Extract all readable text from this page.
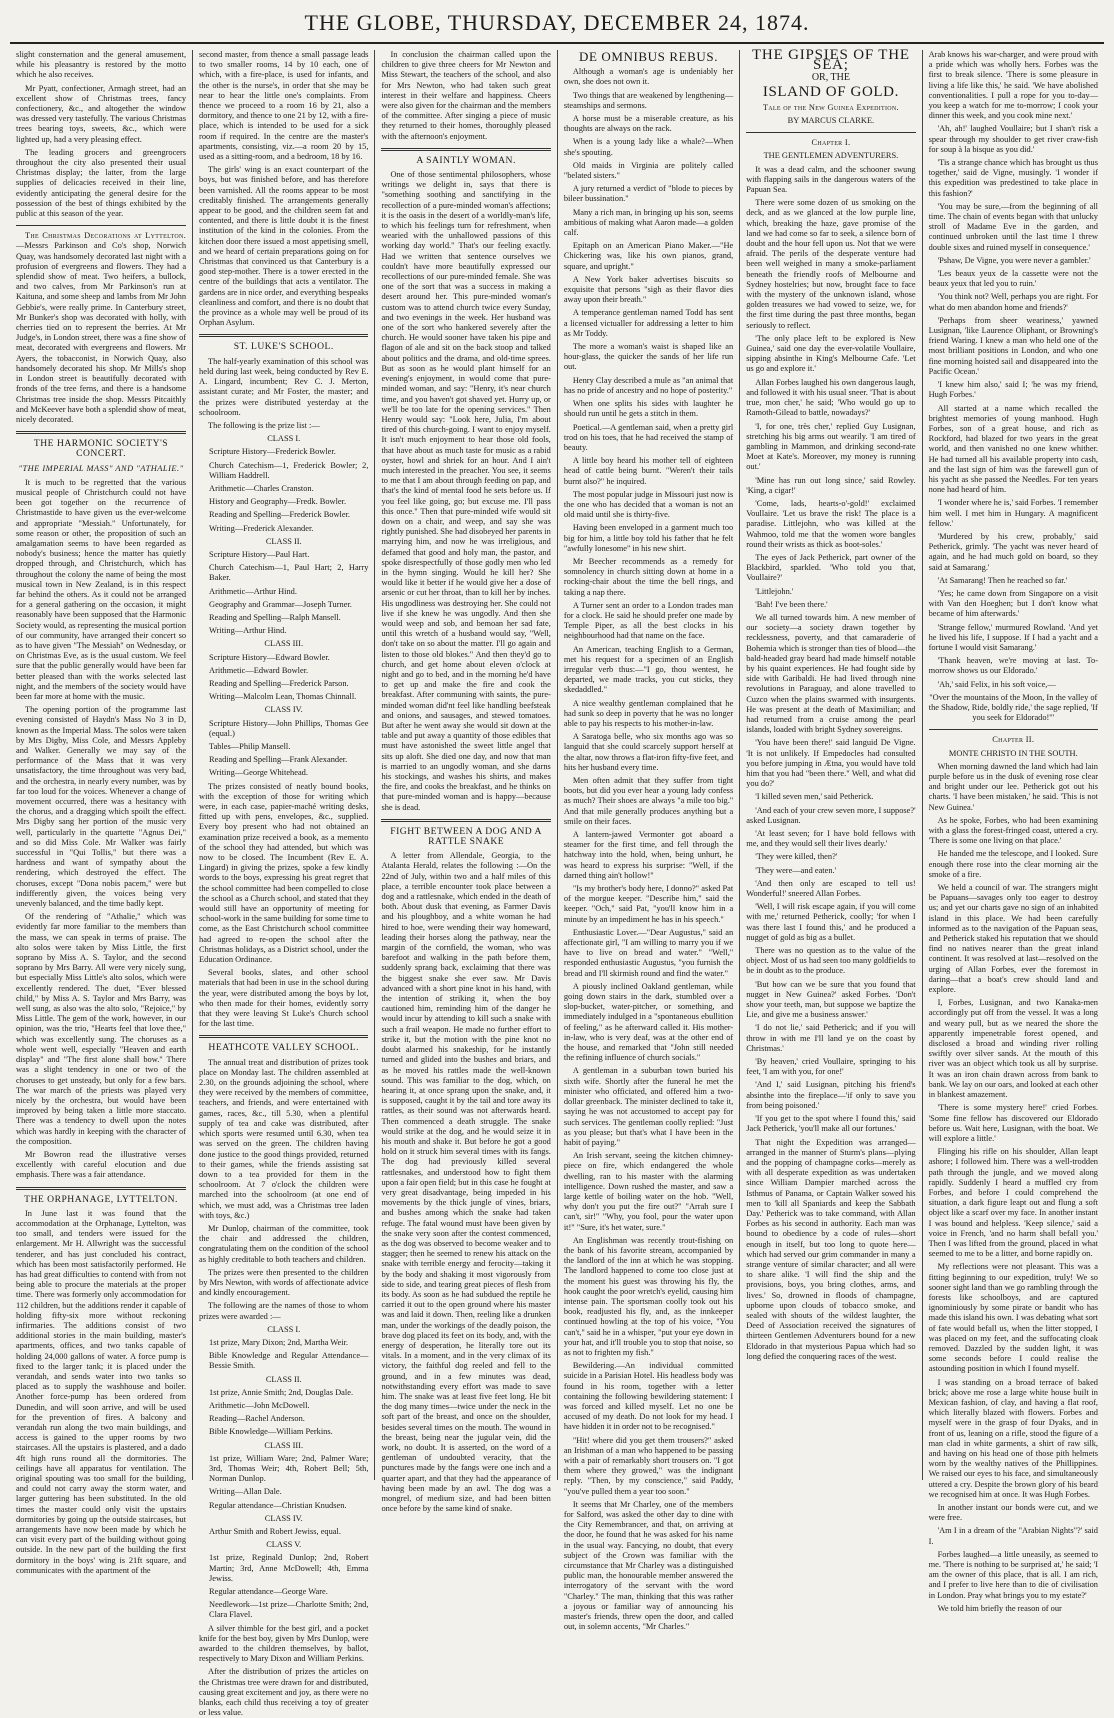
THE GLOBE, THURSDAY, DECEMBER 24, 1874.

slight consternation and the general amusement, while his pleasantry is restored by the motto which he also receives.

Mr Pyatt, confectioner, Armagh street, had an excellent show of Christmas trees, fancy confectionery, &c., and altogether the window was dressed very tastefully. The various Christmas trees bearing toys, sweets, &c., which were lighted up, had a very pleasing effect.

The leading grocers and greengrocers throughout the city also presented their usual Christmas display; the latter, from the large supplies of delicacies received in their line, evidently anticipating the general desire for the possession of the best of things exhibited by the public at this season of the year.

The Christmas Decorations at Lyttelton. —Messrs Parkinson and Co's shop, Norwich Quay, was handsomely decorated last night with a profusion of evergreens and flowers. They had a splendid show of meat. Two heifers, a bullock, and two calves, from Mr Parkinson's run at Kaituna, and some sheep and lambs from Mr John Gebbie's, were really prime. In Canterbury street, Mr Bunker's shop was decorated with holly, with cherries tied on to represent the berries. At Mr Judge's, in London street, there was a fine show of meat, decorated with evergreens and flowers. Mr Ayers, the tobacconist, in Norwich Quay, also handsomely decorated his shop. Mr Mills's shop in London street is beautifully decorated with fronds of the tree ferns, and there is a handsome Christmas tree inside the shop. Messrs Pitcaithly and McKeever have both a splendid show of meat, nicely decorated.

THE HARMONIC SOCIETY'S CONCERT.
"THE IMPERIAL MASS" AND "ATHALIE."

It is much to be regretted that the various musical people of Christchurch could not have been got together on the recurrence of Christmastide to have given us the ever-welcome and appropriate "Messiah." Unfortunately, for some reason or other, the proposition of such an amalgamation seems to have been regarded as nobody's business; hence the matter has quietly dropped through, and Christchurch, which has throughout the colony the name of being the most musical town in New Zealand, is in this respect far behind the others. As it could not be arranged for a general gathering on the occasion, it might reasonably have been supposed that the Harmonic Society would, as representing the musical portion of our community, have arranged their concert so as to have given "The Messiah" on Wednesday, or on Christmas Eve, as is the usual custom. We feel sure that the public generally would have been far better pleased than with the works selected last night, and the members of the society would have been far more at home with the music.

The opening portion of the programme last evening consisted of Haydn's Mass No 3 in D, known as the Imperial Mass. The solos were taken by Mrs Digby, Miss Cole, and Messrs Appleby and Walker. Generally we may say of the performance of the Mass that it was very unsatisfactory, the time throughout was very bad, and the orchestra, in nearly every number, was by far too loud for the voices. Whenever a change of movement occurred, there was a hesitancy with the chorus, and a dragging which spoilt the effect. Mrs Digby sang her portion of the music very well, particularly in the quartette "Agnus Dei," and so did Miss Cole. Mr Walker was fairly successful in "Qui Tollis," but there was a hardness and want of sympathy about the rendering, which destroyed the effect. The choruses, except "Dona nobis pacem," were but indifferently given, the voices being very unevenly balanced, and the time badly kept.

Of the rendering of "Athalie," which was evidently far more familiar to the members than the mass, we can speak in terms of praise. The alto solos were taken by Miss Little, the first soprano by Miss A. S. Taylor, and the second soprano by Mrs Barry. All were very nicely sung, but especially Miss Little's alto solos, which were excellently rendered. The duet, "Ever blessed child," by Miss A. S. Taylor and Mrs Barry, was well sung, as also was the alto solo, "Rejoice," by Miss Little. The gem of the work, however, in our opinion, was the trio, "Hearts feel that love thee," which was excellently sung. The choruses as a whole went well, especially "Heaven and earth display" and "The first alone shall bow." There was a slight tendency in one or two of the choruses to get unsteady, but only for a few bars. The war march of the priests was played very nicely by the orchestra, but would have been improved by being taken a little more staccato. There was a tendency to dwell upon the notes which was hardly in keeping with the character of the composition.

Mr Bowron read the illustrative verses excellently with careful elocution and due emphasis. There was a fair attendance.

THE ORPHANAGE, LYTTELTON.

In June last it was found that the accommodation at the Orphanage, Lyttelton, was too small, and tenders were issued for the enlargement. Mr H. Allwright was the successful tenderer, and has just concluded his contract, which has been most satisfactorily performed. He has had great difficulties to contend with from not being able to procure the materials at the proper time. There was formerly only accommodation for 112 children, but the additions render it capable of holding fifty-six more without reckoning infirmaries. The additions consist of two additional stories in the main building, master's apartments, offices, and two tanks capable of holding 24,000 gallons of water. A force pump is fixed to the larger tank; it is placed under the verandah, and sends water into two tanks so placed as to supply the washhouse and boiler. Another force-pump has been ordered from Dunedin, and will soon arrive, and will be used for the prevention of fires. A balcony and verandah run along the two main buildings, and access is gained to the upper rooms by two staircases. All the upstairs is plastered, and a dado 4ft high runs round all the dormitories. The ceilings have all apparatus for ventilation. The original spouting was too small for the building, and could not carry away the storm water, and larger guttering has been substituted. In the old times the master could only visit the upstairs dormitories by going up the outside staircases, but arrangements have now been made by which he can visit every part of the building without going outside. In the new part of the building the first dormitory in the boys' wing is 21ft square, and communicates with the apartment of the

second master, from thence a small passage leads to two smaller rooms, 14 by 10 each, one of which, with a fire-place, is used for infants, and the other is the nurse's, in order that she may be near to hear the little one's complaints. From thence we proceed to a room 16 by 21, also a dormitory, and thence to one 21 by 12, with a fire-place, which is intended to be used for a sick room if required. In the centre are the master's apartments, consisting, viz.—a room 20 by 15, used as a sitting-room, and a bedroom, 18 by 16.

The girls' wing is an exact counterpart of the boys, but was finished before, and has therefore been varnished. All the rooms appear to be most creditably finished. The arrangements generally appear to be good, and the children seem fat and contented, and there is little doubt it is the finest institution of the kind in the colonies. From the kitchen door there issued a most appetising smell, and we heard of certain preparations going on for Christmas that convinced us that Canterbury is a good step-mother. There is a tower erected in the centre of the buildings that acts a ventilator. The gardens are in nice order, and everything bespeaks cleanliness and comfort, and there is no doubt that the province as a whole may well be proud of its Orphan Asylum.

ST. LUKE'S SCHOOL.

The half-yearly examination of this school was held during last week, being conducted by Rev E. A. Lingard, incumbent; Rev C. J. Merton, assistant curate; and Mr Foster, the master; and the prizes were distributed yesterday at the schoolroom.

The following is the prize list :—

CLASS I.

Scripture History—Frederick Bowler.

Church Catechism—1, Frederick Bowler; 2, William Haddrell.

Arithmetic—Charles Cranston.

History and Geography—Fredk. Bowler.

Reading and Spelling—Frederick Bowler.

Writing—Frederick Alexander.

CLASS II.

Scripture History—Paul Hart.

Church Catechism—1, Paul Hart; 2, Harry Baker.

Arithmetic—Arthur Hind.

Geography and Grammar—Joseph Turner.

Reading and Spelling—Ralph Mansell.

Writing—Arthur Hind.

CLASS III.

Scripture History—Edward Bowler.

Arithmetic—Edward Bowler.

Reading and Spelling—Frederick Parson.

Writing—Malcolm Lean, Thomas Chinnall.

CLASS IV.

Scripture History—John Phillips, Thomas Gee (equal.)

Tables—Philip Mansell.

Reading and Spelling—Frank Alexander.

Writing—George Whitehead.

The prizes consisted of neatly bound books, with the exception of those for writing which were, in each case, papier-maché writing desks, fitted up with pens, envelopes, &c., supplied. Every boy present who had not obtained an examination prize received a book, as a memento of the school they had attended, but which was now to be closed. The Incumbent (Rev E. A. Lingard) in giving the prizes, spoke a few kindly words to the boys, expressing his great regret that the school committee had been compelled to close the school as a Church school, and stated that they would still have an opportunity of meeting for school-work in the same building for some time to come, as the East Christchurch school committee had agreed to re-open the school after the Christmas holidays, as a District school, under the Education Ordinance.

Several books, slates, and other school materials that had been in use in the school during the year, were distributed among the boys by lot, who then made for their homes, evidently sorry that they were leaving St Luke's Church school for the last time.

HEATHCOTE VALLEY SCHOOL.

The annual treat and distribution of prizes took place on Monday last. The children assembled at 2.30, on the grounds adjoining the school, where they were received by the members of committee, teachers, and friends, and were entertained with games, races, &c., till 5.30, when a plentiful supply of tea and cake was distributed, after which sports were resumed until 6.30, when tea was served on the green. The children having done justice to the good things provided, returned to their games, while the friends assisting sat down to a tea provided for them in the schoolroom. At 7 o'clock the children were marched into the schoolroom (at one end of which, we must add, was a Christmas tree laden with toys, &c.)

Mr Dunlop, chairman of the committee, took the chair and addressed the children, congratulating them on the condition of the school as highly creditable to both teachers and children.

The prizes were then presented to the children by Mrs Newton, with words of affectionate advice and kindly encouragement.

The following are the names of those to whom prizes were awarded :—

CLASS I.

1st prize, Mary Dixon; 2nd, Martha Weir.

Bible Knowledge and Regular Attendance—Bessie Smith.

CLASS II.

1st prize, Annie Smith; 2nd, Douglas Dale.

Arithmetic—John McDowell.

Reading—Rachel Anderson.

Bible Knowledge—William Perkins.

CLASS III.

1st prize, William Ware; 2nd, Palmer Ware; 3rd, Thomas Weir; 4th, Robert Bell; 5th, Norman Dunlop.

Writing—Allan Dale.

Regular attendance—Christian Knudsen.

CLASS IV.

Arthur Smith and Robert Jewiss, equal.

CLASS V.

1st prize, Reginald Dunlop; 2nd, Robert Martin; 3rd, Anne McDowell; 4th, Emma Jewiss.

Regular attendance—George Ware.

Needlework—1st prize—Charlotte Smith; 2nd, Clara Flavel.

A silver thimble for the best girl, and a pocket knife for the best boy, given by Mrs Dunlop, were awarded to the children themselves, by ballot, respectively to Mary Dixon and William Perkins.

After the distribution of prizes the articles on the Christmas tree were drawn for and distributed, causing great excitement and joy, as there were no blanks, each child thus receiving a toy of greater or less value.

In conclusion the chairman called upon the children to give three cheers for Mr Newton and Miss Stewart, the teachers of the school, and also for Mrs Newton, who had taken such great interest in their welfare and happiness. Cheers were also given for the chairman and the members of the committee. After singing a piece of music they returned to their homes, thoroughly pleased with the afternoon's enjoyment.

A SAINTLY WOMAN.

One of those sentimental philosophers, whose writings we delight in, says that there is "something soothing and sanctifying in the recollection of a pure-minded woman's affections; it is the oasis in the desert of a worldly-man's life, to which his feelings turn for refreshment, when wearied with the unhallowed passions of this working day world." That's our feeling exactly. Had we written that sentence ourselves we couldn't have more beautifully expressed our recollections of our pure-minded female. She was one of the sort that was a success in making a desert around her. This pure-minded woman's custom was to attend church twice every Sunday, and two evenings in the week. Her husband was one of the sort who hankered severely after the church. He would sooner have taken his pipe and flagon of ale and sit on the back stoop and talked about politics and the drama, and old-time sprees. But as soon as he would plant himself for an evening's enjoyment, in would come that pure-minded woman, and say: "Henry, it's near church time, and you haven't got shaved yet. Hurry up, or we'll be too late for the opening services." Then Henry would say: "Look here, Julia, I'm about tired of this church-going. I want to enjoy myself. It isn't much enjoyment to hear those old fools, that have about as much taste for music as a rabid oyster, howl and shriek for an hour. And I ain't much interested in the preacher. You see, it seems to me that I am about through feeding on pap, and that's the kind of mental food he sets before us. If you feel like going, go; but excuse me. I'll pass this once." Then that pure-minded wife would sit down on a chair, and weep, and say she was rightly punished. She had disobeyed her parents in marrying him, and now he was irreligious, and defamed that good and holy man, the pastor, and spoke disrespectfully of those godly men who led in the hymn singing. Would he kill her? She would like it better if he would give her a dose of arsenic or cut her throat, than to kill her by inches. His ungodliness was destroying her. She could not live if she knew he was ungodly. And then she would weep and sob, and bemoan her sad fate, until this wretch of a husband would say, "Well, don't take on so about the matter. I'll go again and listen to those old blokes." And then they'd go to church, and get home about eleven o'clock at night and go to bed, and in the morning he'd have to get up and make the fire and cook the breakfast. After communing with saints, the pure-minded woman did'nt feel like handling beefsteak and onions, and sausages, and stewed tomatoes. But after he went away she would sit down at the table and put away a quantity of those edibles that must have astonished the sweet little angel that sits up aloft. She died one day, and now that man is married to an ungodly woman, and she darns his stockings, and washes his shirts, and makes the fire, and cooks the breakfast, and he thinks on that pure-minded woman and is happy—because she is dead.

FIGHT BETWEEN A DOG AND A RATTLE SNAKE

A letter from Allendale, Georgia, to the Atalanta Herald, relates the following :—On the 22nd of July, within two and a half miles of this place, a terrible encounter took place between a dog and a rattlesnake, which ended in the death of both. About dusk that evening, as Farmer Davis and his ploughboy, and a white woman he had hired to hoe, were wending their way homeward, leading their horses along the pathway, near the margin of the cornfield, the woman, who was barefoot and walking in the path before them, suddenly sprang back, exclaiming that there was the biggest snake she ever saw. Mr Davis advanced with a short pine knot in his hand, with the intention of striking it, when the boy cautioned him, reminding him of the danger he would incur by attending to kill such a snake with such a frail weapon. He made no further effort to strike it, but the motion with the pine knot no doubt alarmed his snakeship, for he instantly turned and glided into the bushes and briars, and as he moved his rattles made the well-known sound. This was familiar to the dog, which, on hearing it, at once sprang upon the snake, and, it is supposed, caught it by the tail and tore away its rattles, as their sound was not afterwards heard. Then commenced a death struggle. The snake would strike at the dog, and he would seize it in his mouth and shake it. But before he got a good hold on it struck him several times with its fangs. The dog had previously killed several rattlesnakes, and understood how to fight them upon a fair open field; but in this case he fought at very great disadvantage, being impeded in his movements by the thick jungle of vines, briars, and bushes among which the snake had taken refuge. The fatal wound must have been given by the snake very soon after the contest commenced, as the dog was observed to become weaker and to stagger; then he seemed to renew his attack on the snake with terrible energy and ferocity—taking it by the body and shaking it most vigorously from side to side, and tearing great pieces of flesh from its body. As soon as he had subdued the reptile he carried it out to the open ground where his master was and laid it down. Then, reeling like a drunken man, under the workings of the deadly poison, the brave dog placed its feet on its body, and, with the energy of desperation, he literally tore out its vitals. In a moment, and in the very climax of its victory, the faithful dog reeled and fell to the ground, and in a few minutes was dead, notwithstanding every effort was made to save him. The snake was at least five feet long. He bit the dog many times—twice under the neck in the soft part of the breast, and once on the shoulder, besides several times on the mouth. The wound in the breast, being near the jugular vein, did the work, no doubt. It is asserted, on the word of a gentleman of undoubted veracity, that the punctures made by the fangs were one inch and a quarter apart, and that they had the appearance of having been made by an awl. The dog was a mongrel, of medium size, and had been bitten once before by the same kind of snake.

DE OMNIBUS REBUS.

Although a woman's age is undeniably her own, she does not own it.

Two things that are weakened by lengthening—steamships and sermons.

A horse must be a miserable creature, as his thoughts are always on the rack.

When is a young lady like a whale?—When she's spouting.

Old maids in Virginia are politely called "belated sisters."

A jury returned a verdict of "blode to pieces by bileer bussination."

Many a rich man, in bringing up his son, seems ambitious of making what Aaron made—a golden calf.

Epitaph on an American Piano Maker.—"He Chickering was, like his own pianos, grand, square, and upright."

A New York baker advertises biscuits so exquisite that persons "sigh as their flavor dies away upon their breath."

A temperance gentleman named Todd has sent a licensed victualler for addressing a letter to him as Mr Toddy.

The more a woman's waist is shaped like an hour-glass, the quicker the sands of her life run out.

Henry Clay described a mule as "an animal that has no pride of ancestry and no hope of posterity."

When one splits his sides with laughter he should run until he gets a stitch in them.

Poetical.—A gentleman said, when a pretty girl trod on his toes, that he had received the stamp of beauty.

A little boy heard his mother tell of eighteen head of cattle being burnt. "Weren't their tails burnt also?" he inquired.

The most popular judge in Missouri just now is the one who has decided that a woman is not an old maid until she is thirty-five.

Having been enveloped in a garment much too big for him, a little boy told his father that he felt "awfully lonesome" in his new shirt.

Mr Beecher recommends as a remedy for somnolency in church sitting down at home in a rocking-chair about the time the bell rings, and taking a nap there.

A Turner sent an order to a London trades man for a clock. He said he should prefer one made by Temple Piper, as all the best clocks in his neighbourhood had that name on the face.

An American, teaching English to a German, met his request for a specimen of an English irregular verb thus:—"I go, thou wentest, he departed, we made tracks, you cut sticks, they skedaddled."

A nice wealthy gentleman complained that he had sunk so deep in poverty that he was no longer able to pay his respects to his mother-in-law.

A Saratoga belle, who six months ago was so languid that she could scarcely support herself at the altar, now throws a flat-iron fifty-five feet, and hits her husband every time.

Men often admit that they suffer from tight boots, but did you ever hear a young lady confess as much? Their shoes are always "a mile too big." And that mile generally produces anything but a smile on their faces.

A lantern-jawed Vermonter got aboard a steamer for the first time, and fell through the hatchway into the hold, when, being unhurt, he was heard to express his surprise: "Well, if the darned thing ain't hollow!"

"Is my brother's body here, I donno?" asked Pat of the morgue keeper. "Describe him," said the keeper. "Och," said Pat, "you'll know him in a minute by an impediment he has in his speech."

Enthusiastic Lover.—"Dear Augustus," said an affectionate girl, "I am willing to marry you if we have to live on bread and water." "Well," responded enthusiastic Augustus, "you furnish the bread and I'll skirmish round and find the water."

A piously inclined Oakland gentleman, while going down stairs in the dark, stumbled over a slop-bucket, water-pitcher, or something, and immediately indulged in a "spontaneous ebullition of feeling," as he afterward called it. His mother-in-law, who is very deaf, was at the other end of the house, and remarked that "John still needed the refining influence of church socials."

A gentleman in a suburban town buried his sixth wife. Shortly after the funeral he met the minister who officiated, and offered him a two-dollar greenback. The minister declined to take it, saying he was not accustomed to accept pay for such services. The gentleman coolly replied: "Just as you please; but that's what I have been in the habit of paying."

An Irish servant, seeing the kitchen chimney-piece on fire, which endangered the whole dwelling, ran to his master with the alarming intelligence. Down rushed the master, and saw a large kettle of boiling water on the hob. "Well, why don't you put the fire out?" "Arrah sure I can't, sir!" "Why, you fool, pour the water upon it!" "Sure, it's het water, sure."

An Englishman was recently trout-fishing on the bank of his favorite stream, accompanied by the landlord of the inn at which he was stopping. The landlord happened to come too close just at the moment his guest was throwing his fly, the hook caught the poor wretch's eyelid, causing him intense pain. The sportsman coolly took out his book, readjusted his fly, and, as the innkeeper continued howling at the top of his voice, "You can't," said he in a whisper, "put your eye down in your hat, and it'll trouble you to stop that noise, so as not to frighten my fish."

Bewildering.—An individual committed suicide in a Parisian Hotel. His headless body was found in his room, together with a letter containing the following bewildering statement: I was forced and killed myself. Let no one be accused of my death. Do not look for my head. I have hidden it in order not to be recognised."

"Hit! where did you get them trousers?" asked an Irishman of a man who happened to be passing with a pair of remarkably short trousers on. "I got them where they growed," was the indignant reply. "Then, by my conscience," said Paddy, "you've pulled them a year too soon."

It seems that Mr Charley, one of the members for Salford, was asked the other day to dine with the City Remembrancer, and that, on arriving at the door, he found that he was asked for his name in the usual way. Fancying, no doubt, that every subject of the Crown was familiar with the circumstance that Mr Charley was a distinguished public man, the honourable member answered the interrogatory of the servant with the word "Charley." The man, thinking that this was rather a joyous or familiar way of announcing his master's friends, threw open the door, and called out, in solemn accents, "Mr Charles."

THE GIPSIES OF THE SEA;
OR, THE
ISLAND OF GOLD.

Tale of the New Guinea Expedition.

BY MARCUS CLARKE.

Chapter I.

THE GENTLEMEN ADVENTURERS.

It was a dead calm, and the schooner swung with flapping sails in the dangerous waters of the Papuan Sea.

There were some dozen of us smoking on the deck, and as we glanced at the low purple line, which, breaking the haze, gave promise of the land we had come so far to seek, a silence born of doubt and the hour fell upon us. Not that we were afraid. The perils of the desperate venture had been well weighed in many a smoke-parliament beneath the friendly roofs of Melbourne and Sydney hostelries; but now, brought face to face with the mystery of the unknown island, whose golden treasures we had vowed to seize, we, for the first time during the past three months, began seriously to reflect.

'The only place left to be explored is New Guinea,' said one day the ever-volatile Voullaire, sipping absinthe in King's Melbourne Cafe. 'Let us go and explore it.'

Allan Forbes laughed his own dangerous laugh, and followed it with his usual sneer. 'That is about true, mon cher,' he said; 'Who would go up to Ramoth-Gilead to battle, nowadays?'

'I, for one, très cher,' replied Guy Lusignan, stretching his big arms out wearily. 'I am tired of gambling in Mammon, and drinking second-rate Moet at Kate's. Moreover, my money is running out.'

'Mine has run out long since,' said Rowley. 'King, a cigar!'

'Come, lads, hearts-o'-gold!' exclaimed Voullaire. 'Let us brave the risk! The place is a paradise. Littlejohn, who was killed at the Wahmoo, told me that the women wore bangles round their wrists as thick as boot-soles.'

The eyes of Jack Petherick, part owner of the Blackbird, sparkled. 'Who told you that, Voullaire?'

'Littlejohn.'

'Bah! I've been there.'

We all turned towards him. A new member of our society—a society drawn together by recklessness, poverty, and that camaraderie of Bohemia which is stronger than ties of blood—the bald-headed gray beard had made himself notable by his quaint experiences. He had fought side by side with Garibaldi. He had lived through nine revolutions in Paraguay, and alone travelled to Cuzco when the plains swarmed with insurgents. He was present at the death of Maximilian; and had returned from a cruise among the pearl islands, loaded with bright Sydney sovereigns.

'You have been there!' said languid De Vigne. 'It is not unlikely. If Empedocles had consulted you before jumping in Ætna, you would have told him that you had "been there." Well, and what did you do?'

'I killed seven men,' said Petherick.

'And each of your crew seven more, I suppose?' asked Lusignan.

'At least seven; for I have bold fellows with me, and they would sell their lives dearly.'

'They were killed, then?'

'They were—and eaten.'

'And then only are escaped to tell us! Wonderful!' sneered Allan Forbes.

'Well, I will risk escape again, if you will come with me,' returned Petherick, coolly; 'for when I was there last I found this,' and he produced a nugget of gold as big as a bullet.

There was no question as to the value of the object. Most of us had seen too many goldfields to be in doubt as to the produce.

'But how can we be sure that you found that nugget in New Guinea?' asked Forbes. 'Don't show your teeth, man, but suppose we baptize the Lie, and give me a business answer.'

'I do not lie,' said Petherick; and if you will throw in with me I'll land ye on the coast by Christmas.'

'By heaven,' cried Voullaire, springing to his feet, 'I am with you, for one!'

'And I,' said Lusignan, pitching his friend's absinthe into the fireplace—'if only to save you from being poisoned.'

'If you get to the spot where I found this,' said Jack Petherick, 'you'll make all our fortunes.'

That night the Expedition was arranged—arranged in the manner of Sturm's plans—plying and the popping of champagne corks—merely as with all desperate expedition as was undertaken since William Dampier marched across the Isthmus of Panama, or Captain Walker sowed his men to 'kill all Spaniards and keep the Sabbath Day.' Petherick was to take command, with Allan Forbes as his second in authority. Each man was bound to obedience by a code of rules—short enough in itself, but too long to quote here—which had served our grim commander in many a strange venture of similar character; and all were to share alike. 'I will find the ship and the provisions, boys, you bring clothes, arms, and lives.' So, drowned in floods of champagne, upborne upon clouds of tobacco smoke, and sealed with shouts of the wildest laughter, the Deed of Association received the signatures of thirteen Gentlemen Adventurers bound for a new Eldorado in that mysterious Papua which had so long defied the conquering races of the west.

Arab knows his war-charger, and were proud with a pride which was wholly hers. Forbes was the first to break silence. 'There is some pleasure in living a life like this,' he said. 'We have abolished conventionalities. I pull a rope for you to-day—you keep a watch for me to-morrow; I cook your dinner this week, and you cook mine next.'

'Ah, ah!' laughed Voullaire; but I shan't risk a spear through my shoulder to get river craw-fish for soup à la bisque as you did.'

'Tis a strange chance which has brought us thus together,' said de Vigne, musingly. 'I wonder if this expedition was predestined to take place in this fashion?'

'You may be sure,—from the beginning of all time. The chain of events began with that unlucky stroll of Madame Eve in the garden, and continued unbroken until the last time I threw double sixes and ruined myself in consequence.'

'Pshaw, De Vigne, you were never a gambler.'

'Les beaux yeux de la cassette were not the beaux yeux that led you to ruin.'

'You think not? Well, perhaps you are right. For what do men abandon home and friends?'

'Perhaps from sheer weariness,' yawned Lusignan, 'like Laurence Oliphant, or Browning's friend Waring. I knew a man who held one of the most brilliant positions in London, and who one fine morning hoisted sail and disappeared into the Pacific Ocean.'

'I knew him also,' said I; 'he was my friend, Hugh Forbes.'

All started at a name which recalled the brightest memories of young manhood. Hugh Forbes, son of a great house, and rich as Rockford, had blazed for two years in the great world, and then vanished no one knew whither. He had turned all his available property into cash, and the last sign of him was the farewell gun of his yacht as she passed the Needles. For ten years none had heard of him.

'I wonder where he is,' said Forbes. 'I remember him well. I met him in Hungary. A magnificent fellow.'

'Murdered by his crew, probably,' said Petherick, grimly. 'The yacht was never heard of again, and he had much gold on board, so they said at Samarang.'

'At Samarang! Then he reached so far.'

'Yes; he came down from Singapore on a visit with Van den Hoeghen; but I don't know what became of him afterwards.'

'Strange fellow,' murmured Rowland. 'And yet he lived his life, I suppose. If I had a yacht and a fortune I would visit Samarang.'

'Thank heaven, we're moving at last. To-morrow shows us our Eldorado.'

'Ah,' said Felix, in his soft voice,—

"Over the mountains of the Moon, In the valley of the Shadow, Ride, boldly ride,' the sage replied, 'If you seek for Eldorado!'"

Chapter II.

MONTE CHRISTO IN THE SOUTH.

When morning dawned the land which had lain purple before us in the dusk of evening rose clear and bright under our lee. Petherick got out his charts. 'I have been mistaken,' he said. 'This is not New Guinea.'

As he spoke, Forbes, who had been examining with a glass the forest-fringed coast, uttered a cry. 'There is some one living on that place.'

He handed me the telescope, and I looked. Sure enough there rose into the clear morning air the smoke of a fire.

We held a council of war. The strangers might be Papuans—savages only too eager to destroy us; and yet our charts gave no sign of an inhabited island in this place. We had been carefully informed as to the navigation of the Papuan seas, and Petherick staked his reputation that we should find no natives nearer than the great inland continent. It was resolved at last—resolved on the urging of Allan Forbes, ever the foremost in daring—that a boat's crew should land and explore.

I, Forbes, Lusignan, and two Kanaka-men accordingly put off from the vessel. It was a long and weary pull, but as we neared the shore the apparently impenetrable forest opened, and disclosed a broad and winding river rolling swiftly over silver sands. At the mouth of this river was an object which took us all by surprise. It was an iron chain drawn across from bank to bank. We lay on our oars, and looked at each other in blankest amazement.

'There is some mystery here!' cried Forbes. 'Some fine fellow has discovered our Eldorado before us. Wait here, Lusignan, with the boat. We will explore a little.'

Flinging his rifle on his shoulder, Allan leapt ashore; I followed him. There was a well-trodden path through the jungle, and we moved along rapidly. Suddenly I heard a muffled cry from Forbes, and before I could comprehend the situation, a dark figure leapt out and flung a soft object like a scarf over my face. In another instant I was bound and helpless. 'Keep silence,' said a voice in French, 'and no harm shall befall you.' Then I was lifted from the ground, placed in what seemed to me to be a litter, and borne rapidly on.

My reflections were not pleasant. This was a fitting beginning to our expedition, truly! We so sooner sight land than we go rambling through the forests like schoolboys, and are captured ignominiously by some pirate or bandit who has made this island his own. I was debating what sort of fate would befall us, when the litter stopped, I was placed on my feet, and the suffocating cloak removed. Dazzled by the sudden light, it was some seconds before I could realise the astounding position in which I found myself.

I was standing on a broad terrace of baked brick; above me rose a large white house built in Mexican fashion, of clay, and having a flat roof, which literally blazed with flowers. Forbes and myself were in the grasp of four Dyaks, and in front of us, leaning on a rifle, stood the figure of a man clad in white garments, a shirt of raw silk, and having on his head one of those pith helmets worn by the wealthy natives of the Phillippines. We raised our eyes to his face, and simultaneously uttered a cry. Despite the brown glory of his beard we recognised him at once. It was Hugh Forbes.

In another instant our bonds were cut, and we were free.

'Am I in a dream of the "Arabian Nights"?' said I.

Forbes laughed—a little uneasily, as seemed to me. 'There is nothing to be surprised at,' he said; 'I am the owner of this place, that is all. I am rich, and I prefer to live here than to die of civilisation in London. Pray what brings you to my estate?'

We told him briefly the reason of our
